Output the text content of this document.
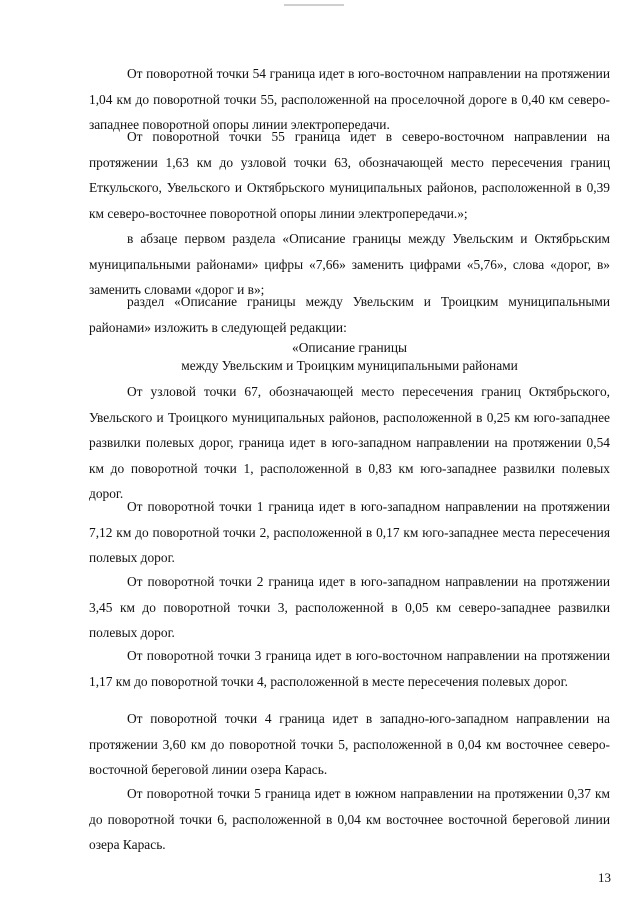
От поворотной точки 54 граница идет в юго-восточном направлении на протяжении 1,04 км до поворотной точки 55, расположенной на проселочной дороге в 0,40 км северо-западнее поворотной опоры линии электропередачи.

От поворотной точки 55 граница идет в северо-восточном направлении на протяжении 1,63 км до узловой точки 63, обозначающей место пересечения границ Еткульского, Увельского и Октябрьского муниципальных районов, расположенной в 0,39 км северо-восточнее поворотной опоры линии электропередачи.»;

в абзаце первом раздела «Описание границы между Увельским и Октябрьским муниципальными районами» цифры «7,66» заменить цифрами «5,76», слова «дорог, в» заменить словами «дорог и в»;

раздел «Описание границы между Увельским и Троицким муниципальными районами» изложить в следующей редакции:

«Описание границы
между Увельским и Троицким муниципальными районами

От узловой точки 67, обозначающей место пересечения границ Октябрьского, Увельского и Троицкого муниципальных районов, расположенной в 0,25 км юго-западнее развилки полевых дорог, граница идет в юго-западном направлении на протяжении 0,54 км до поворотной точки 1, расположенной в 0,83 км юго-западнее развилки полевых дорог.

От поворотной точки 1 граница идет в юго-западном направлении на протяжении 7,12 км до поворотной точки 2, расположенной в 0,17 км юго-западнее места пересечения полевых дорог.

От поворотной точки 2 граница идет в юго-западном направлении на протяжении 3,45 км до поворотной точки 3, расположенной в 0,05 км северо-западнее развилки полевых дорог.

От поворотной точки 3 граница идет в юго-восточном направлении на протяжении 1,17 км до поворотной точки 4, расположенной в месте пересечения полевых дорог.

От поворотной точки 4 граница идет в западно-юго-западном направлении на протяжении 3,60 км до поворотной точки 5, расположенной в 0,04 км восточнее северо-восточной береговой линии озера Карась.

От поворотной точки 5 граница идет в южном направлении на протяжении 0,37 км до поворотной точки 6, расположенной в 0,04 км восточнее восточной береговой линии озера Карась.

13
